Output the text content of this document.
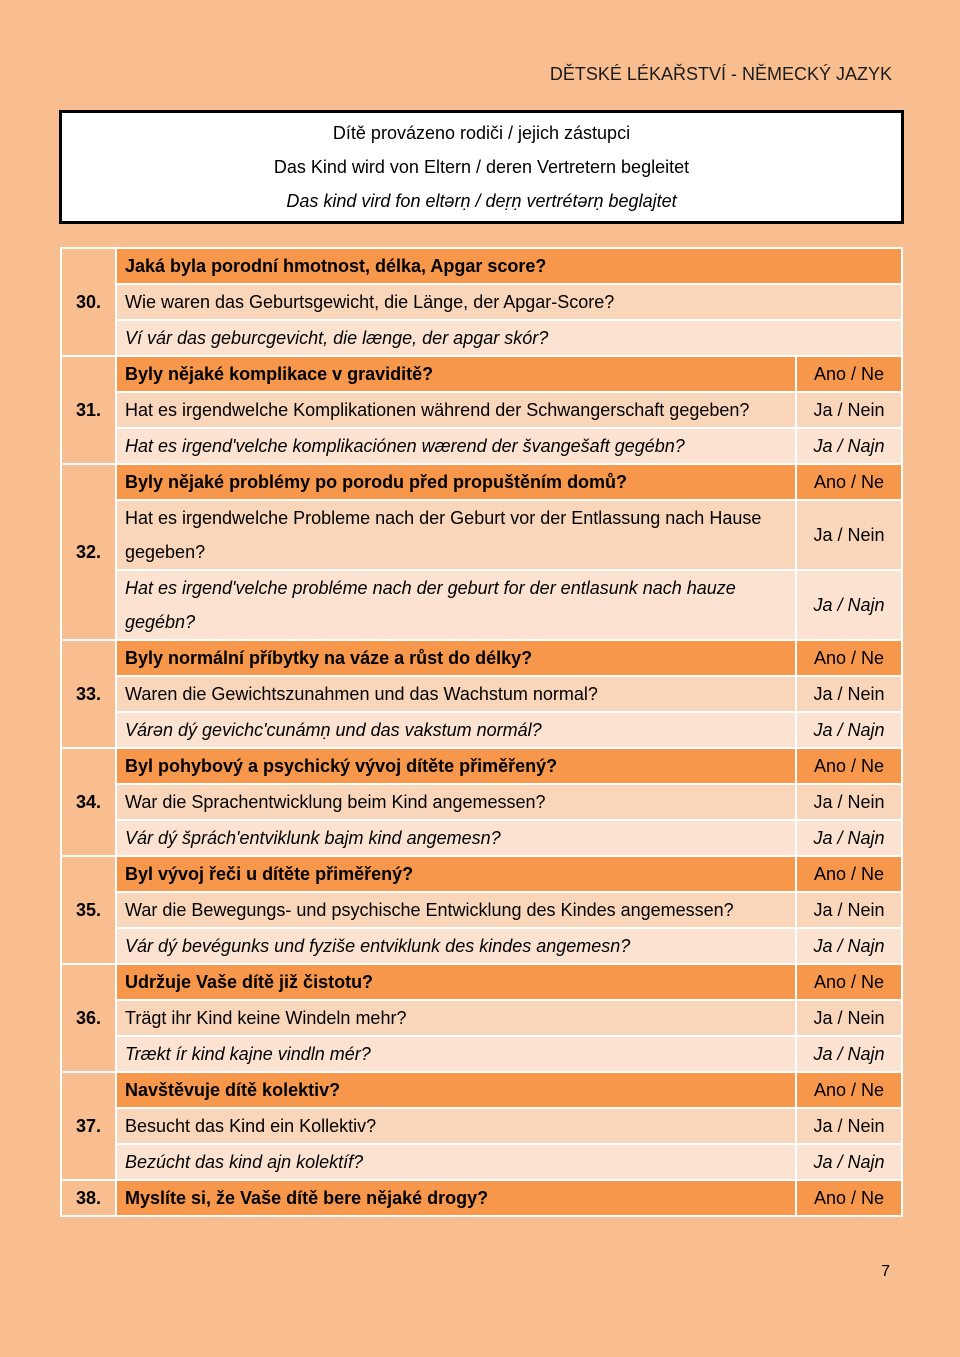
DĚTSKÉ LÉKAŘSTVÍ - NĚMECKÝ JAZYK
Dítě provázeno rodiči / jejich zástupci
Das Kind wird von Eltern / deren Vertretern begleitet
Das kind vird fon eltərṇ / deṛṇ vertrétərṇ beglajtet
30.	Jaká byla porodní hmotnost, délka, Apgar score?	
	Wie waren das Geburtsgewicht, die Länge, der Apgar-Score?	
	Ví vár das geburcgevicht, die længe, der apgar skór?	
31.	Byly nějaké komplikace v graviditě?	Ano / Ne
	Hat es irgendwelche Komplikationen während der Schwangerschaft gegeben?	Ja / Nein
	Hat es irgend'velche komplikaciónen wærend der švangešaft gegébn?	Ja / Najn
32.	Byly nějaké problémy po porodu před propuštěním domů?	Ano / Ne
	Hat es irgendwelche Probleme nach der Geburt vor der Entlassung nach Hause gegeben?	Ja / Nein
	Hat es irgend'velche probléme nach der geburt for der entlasunk nach hauze gegébn?	Ja / Najn
33.	Byly normální příbytky na váze a růst do délky?	Ano / Ne
	Waren die Gewichtszunahmen und das Wachstum normal?	Ja / Nein
	Várən dý gevichc'cunámṇ und das vakstum normál?	Ja / Najn
34.	Byl pohybový a psychický vývoj dítěte přiměřený?	Ano / Ne
	War die Sprachentwicklung beim Kind angemessen?	Ja / Nein
	Vár dý šprách'entviklunk bajm kind angemesn?	Ja / Najn
35.	Byl vývoj řeči u dítěte přiměřený?	Ano / Ne
	War die Bewegungs- und psychische Entwicklung des Kindes angemessen?	Ja / Nein
	Vár dý bevégunks und fyziše entviklunk des kindes angemesn?	Ja / Najn
36.	Udržuje Vaše dítě již čistotu?	Ano / Ne
	Trägt ihr Kind keine Windeln mehr?	Ja / Nein
	Trækt ír kind kajne vindln mér?	Ja / Najn
37.	Navštěvuje dítě kolektiv?	Ano / Ne
	Besucht das Kind ein Kollektiv?	Ja / Nein
	Bezúcht das kind ajn kolektíf?	Ja / Najn
38.	Myslíte si, že Vaše dítě bere nějaké drogy?	Ano / Ne
7
